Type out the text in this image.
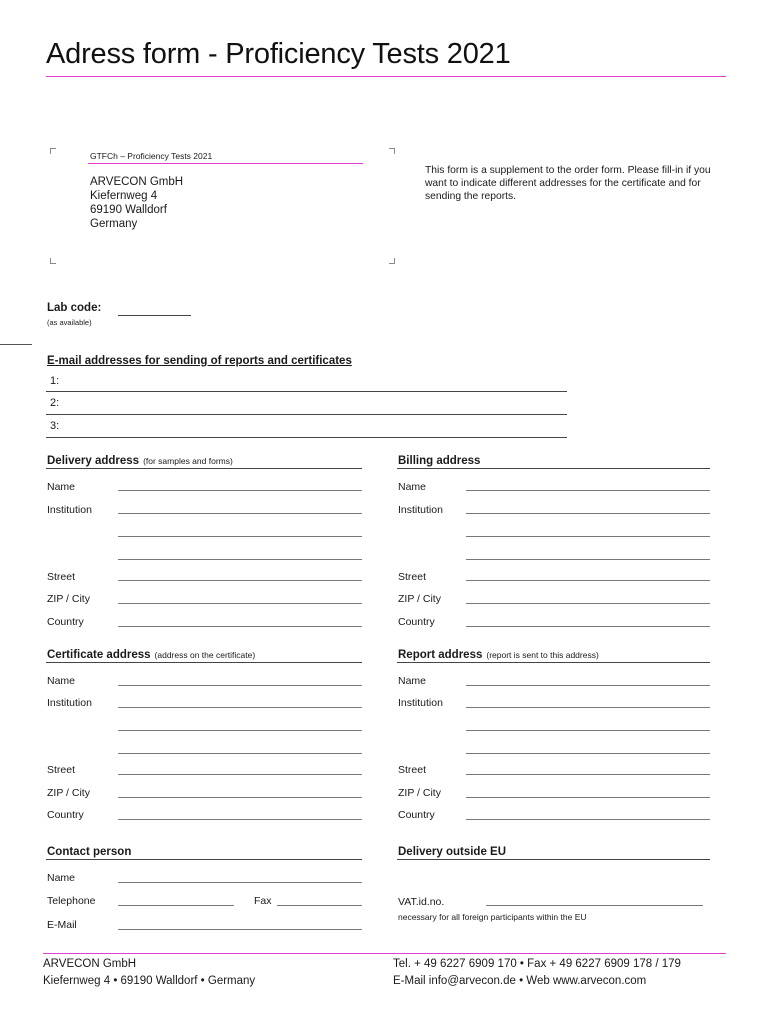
Adress form - Proficiency Tests 2021
GTFCh – Proficiency Tests 2021
ARVECON GmbH
Kiefernweg 4
69190 Walldorf
Germany
This form is a supplement to the order form. Please fill-in if you want to indicate different addresses for the certificate and for sending the reports.
Lab code:
(as available)
E-mail addresses for sending of reports and certificates
1:
2:
3:
Delivery address (for samples and forms)
Name
Institution
Street
ZIP / City
Country
Billing address
Name
Institution
Street
ZIP / City
Country
Certificate address (address on the certificate)
Name
Institution
Street
ZIP / City
Country
Report address (report is sent to this address)
Name
Institution
Street
ZIP / City
Country
Contact person
Name
Telephone	Fax
E-Mail
Delivery outside EU
VAT.id.no.
necessary for all foreign participants within the EU
ARVECON GmbH
Kiefernweg 4 • 69190 Walldorf • Germany
Tel. + 49 6227 6909 170 • Fax + 49 6227 6909 178 / 179
E-Mail info@arvecon.de • Web www.arvecon.com
